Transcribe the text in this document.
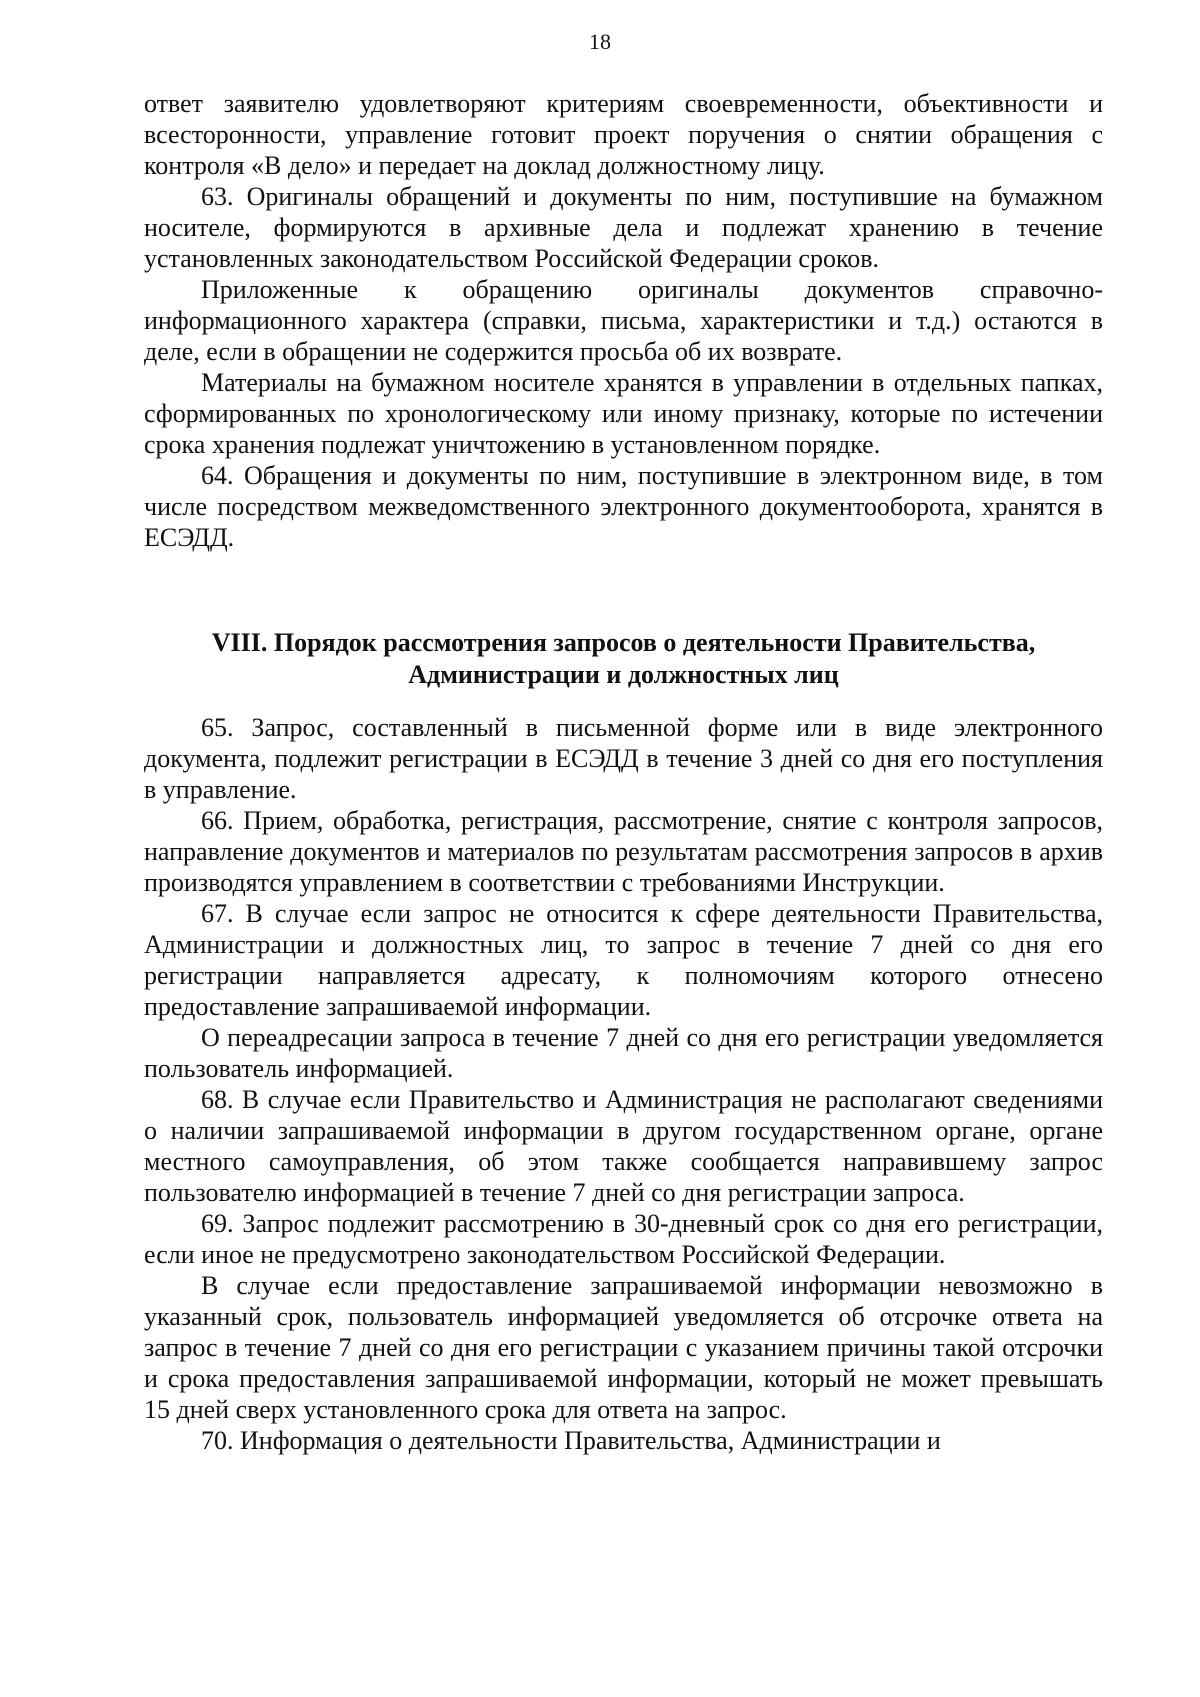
18

ответ заявителю удовлетворяют критериям своевременности, объективности и всесторонности, управление готовит проект поручения о снятии обращения с контроля «В дело» и передает на доклад должностному лицу.

63. Оригиналы обращений и документы по ним, поступившие на бумажном носителе, формируются в архивные дела и подлежат хранению в течение установленных законодательством Российской Федерации сроков.

Приложенные к обращению оригиналы документов справочно-информационного характера (справки, письма, характеристики и т.д.) остаются в деле, если в обращении не содержится просьба об их возврате.

Материалы на бумажном носителе хранятся в управлении в отдельных папках, сформированных по хронологическому или иному признаку, которые по истечении срока хранения подлежат уничтожению в установленном порядке.

64. Обращения и документы по ним, поступившие в электронном виде, в том числе посредством межведомственного электронного документооборота, хранятся в ЕСЭДД.

VIII. Порядок рассмотрения запросов о деятельности Правительства,
Администрации и должностных лиц

65. Запрос, составленный в письменной форме или в виде электронного документа, подлежит регистрации в ЕСЭДД в течение 3 дней со дня его поступления в управление.

66. Прием, обработка, регистрация, рассмотрение, снятие с контроля запросов, направление документов и материалов по результатам рассмотрения запросов в архив производятся управлением в соответствии с требованиями Инструкции.

67. В случае если запрос не относится к сфере деятельности Правительства, Администрации и должностных лиц, то запрос в течение 7 дней со дня его регистрации направляется адресату, к полномочиям которого отнесено предоставление запрашиваемой информации.

О переадресации запроса в течение 7 дней со дня его регистрации уведомляется пользователь информацией.

68. В случае если Правительство и Администрация не располагают сведениями о наличии запрашиваемой информации в другом государственном органе, органе местного самоуправления, об этом также сообщается направившему запрос пользователю информацией в течение 7 дней со дня регистрации запроса.

69. Запрос подлежит рассмотрению в 30-дневный срок со дня его регистрации, если иное не предусмотрено законодательством Российской Федерации.

В случае если предоставление запрашиваемой информации невозможно в указанный срок, пользователь информацией уведомляется об отсрочке ответа на запрос в течение 7 дней со дня его регистрации с указанием причины такой отсрочки и срока предоставления запрашиваемой информации, который не может превышать 15 дней сверх установленного срока для ответа на запрос.

70. Информация о деятельности Правительства, Администрации и
